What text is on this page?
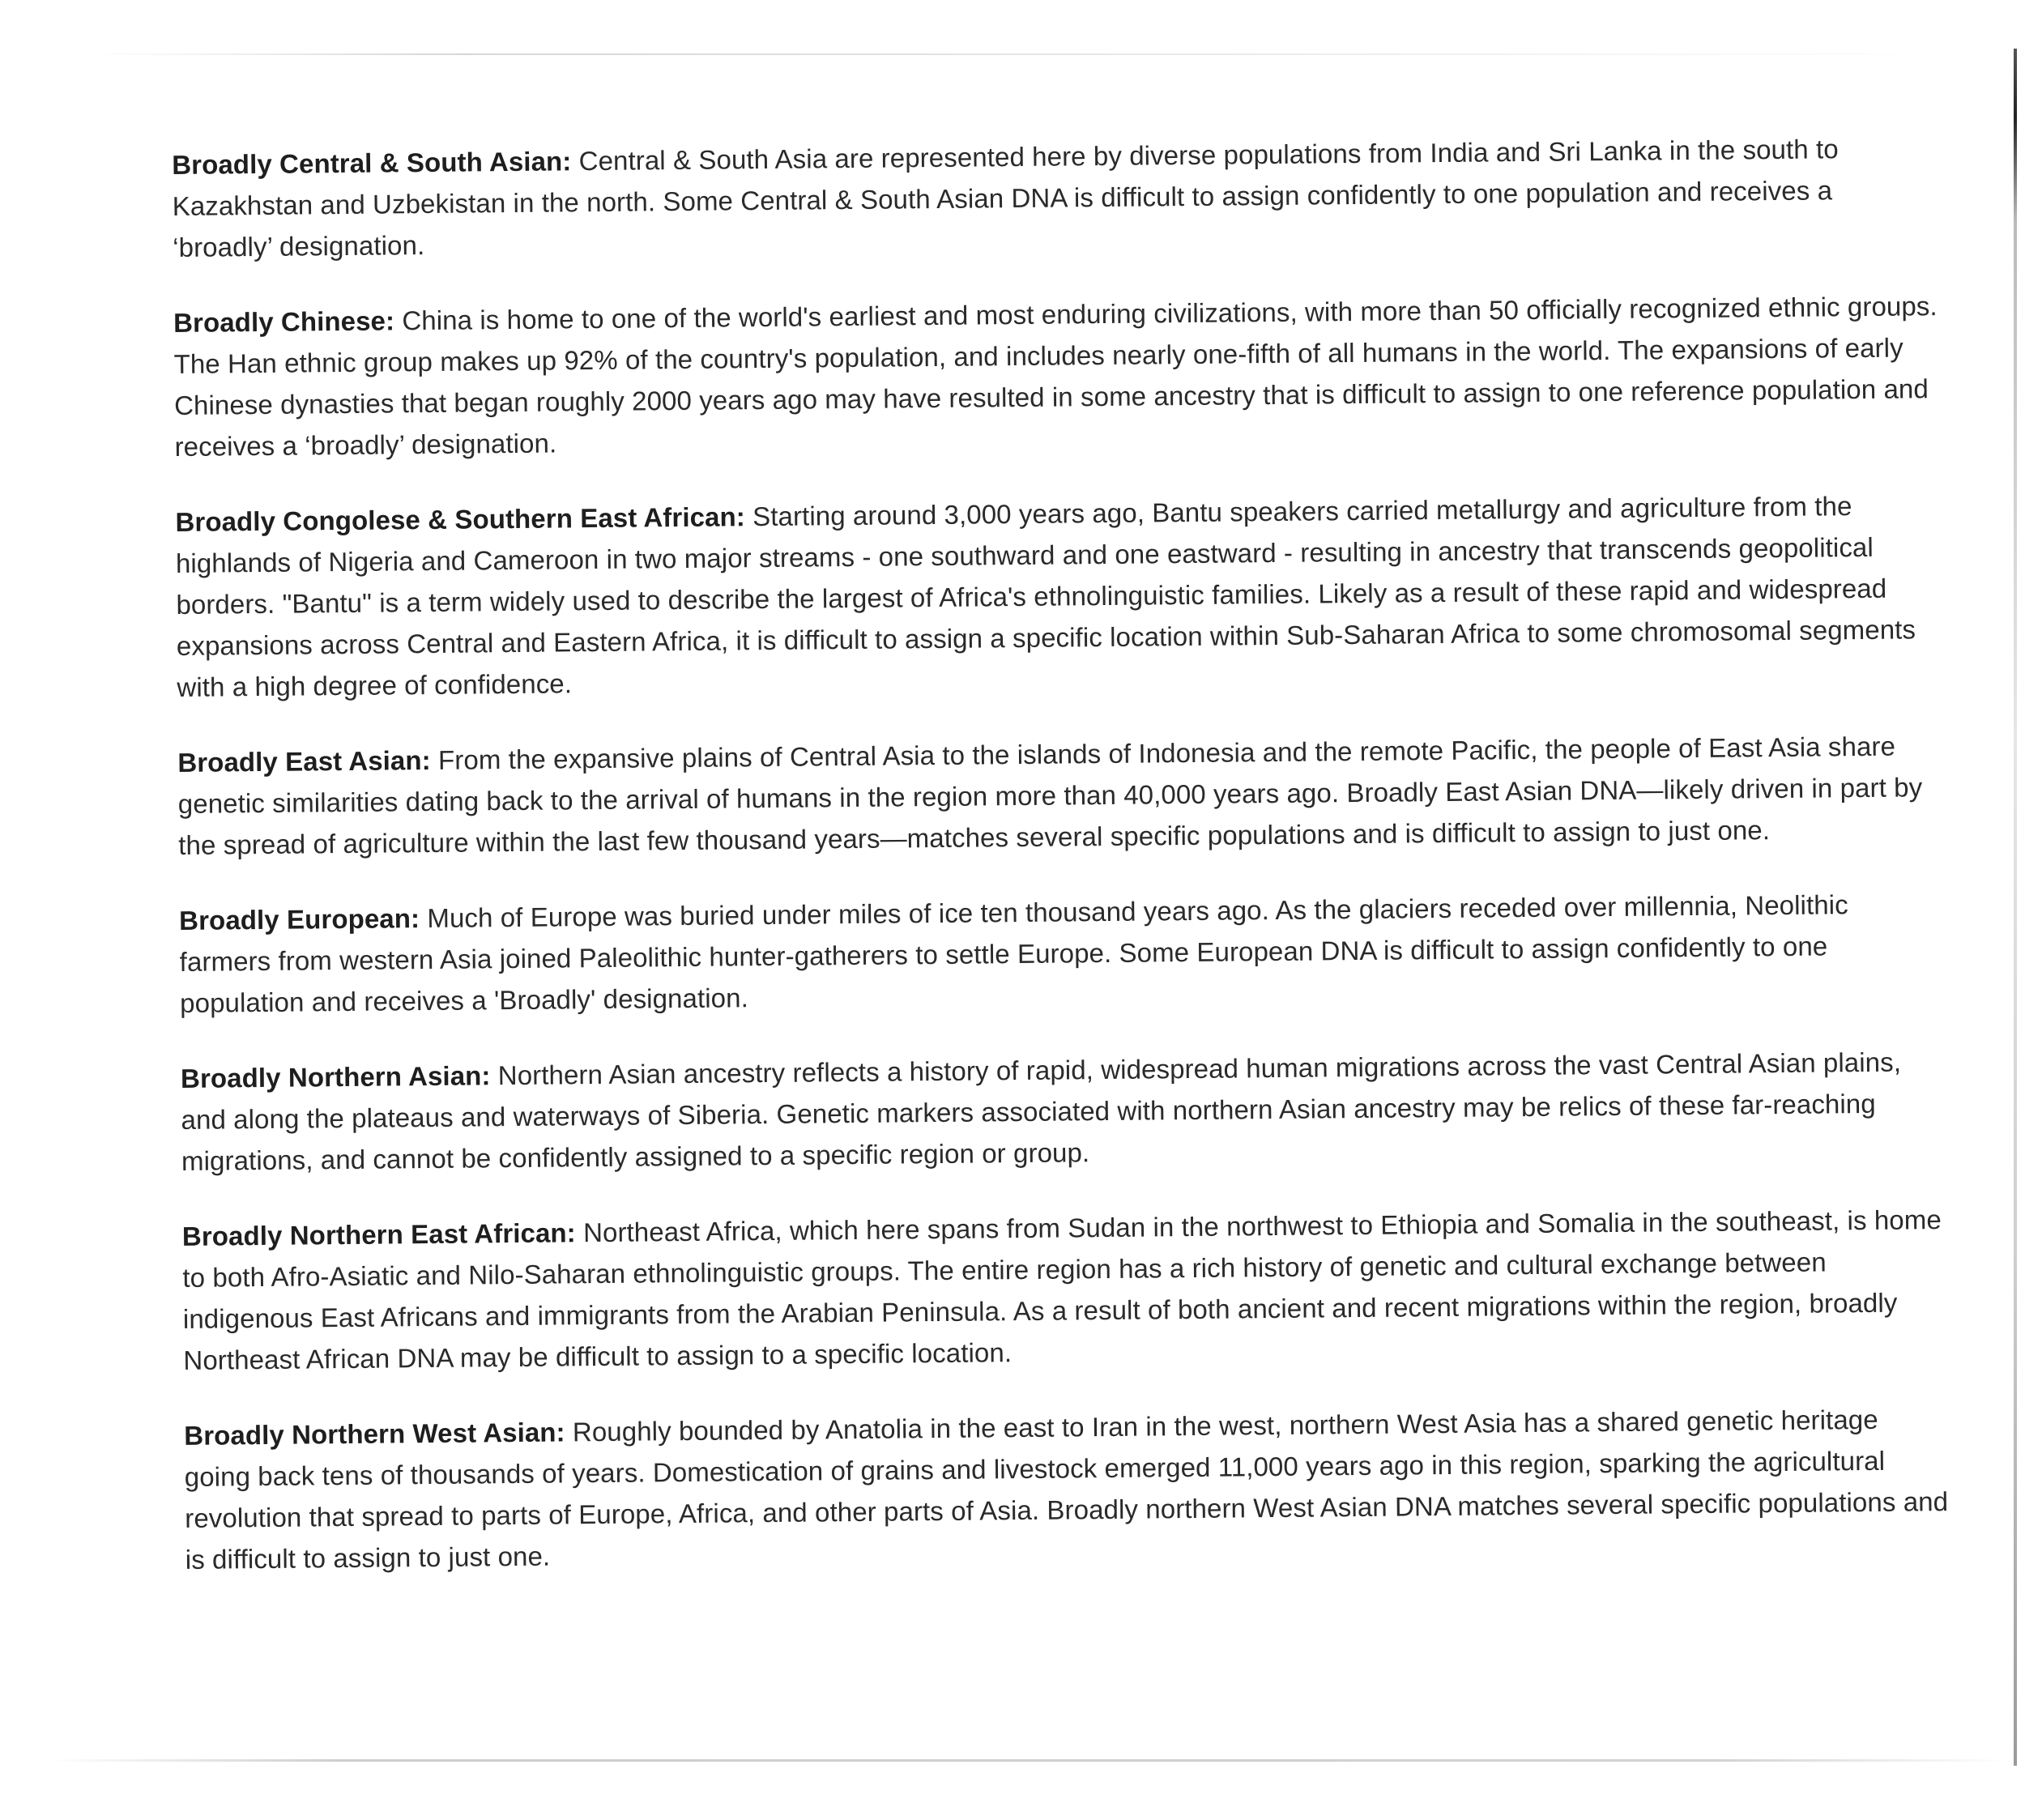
Broadly Central & South Asian: Central & South Asia are represented here by diverse populations from India and Sri Lanka in the south to Kazakhstan and Uzbekistan in the north. Some Central & South Asian DNA is difficult to assign confidently to one population and receives a ‘broadly’ designation.

Broadly Chinese: China is home to one of the world's earliest and most enduring civilizations, with more than 50 officially recognized ethnic groups. The Han ethnic group makes up 92% of the country's population, and includes nearly one-fifth of all humans in the world. The expansions of early Chinese dynasties that began roughly 2000 years ago may have resulted in some ancestry that is difficult to assign to one reference population and receives a ‘broadly’ designation.

Broadly Congolese & Southern East African: Starting around 3,000 years ago, Bantu speakers carried metallurgy and agriculture from the highlands of Nigeria and Cameroon in two major streams - one southward and one eastward - resulting in ancestry that transcends geopolitical borders. "Bantu" is a term widely used to describe the largest of Africa's ethnolinguistic families. Likely as a result of these rapid and widespread expansions across Central and Eastern Africa, it is difficult to assign a specific location within Sub-Saharan Africa to some chromosomal segments with a high degree of confidence.

Broadly East Asian: From the expansive plains of Central Asia to the islands of Indonesia and the remote Pacific, the people of East Asia share genetic similarities dating back to the arrival of humans in the region more than 40,000 years ago. Broadly East Asian DNA—likely driven in part by the spread of agriculture within the last few thousand years—matches several specific populations and is difficult to assign to just one.

Broadly European: Much of Europe was buried under miles of ice ten thousand years ago. As the glaciers receded over millennia, Neolithic farmers from western Asia joined Paleolithic hunter-gatherers to settle Europe. Some European DNA is difficult to assign confidently to one population and receives a 'Broadly' designation.

Broadly Northern Asian: Northern Asian ancestry reflects a history of rapid, widespread human migrations across the vast Central Asian plains, and along the plateaus and waterways of Siberia. Genetic markers associated with northern Asian ancestry may be relics of these far-reaching migrations, and cannot be confidently assigned to a specific region or group.

Broadly Northern East African: Northeast Africa, which here spans from Sudan in the northwest to Ethiopia and Somalia in the southeast, is home to both Afro-Asiatic and Nilo-Saharan ethnolinguistic groups. The entire region has a rich history of genetic and cultural exchange between indigenous East Africans and immigrants from the Arabian Peninsula. As a result of both ancient and recent migrations within the region, broadly Northeast African DNA may be difficult to assign to a specific location.

Broadly Northern West Asian: Roughly bounded by Anatolia in the east to Iran in the west, northern West Asia has a shared genetic heritage going back tens of thousands of years. Domestication of grains and livestock emerged 11,000 years ago in this region, sparking the agricultural revolution that spread to parts of Europe, Africa, and other parts of Asia. Broadly northern West Asian DNA matches several specific populations and is difficult to assign to just one.
